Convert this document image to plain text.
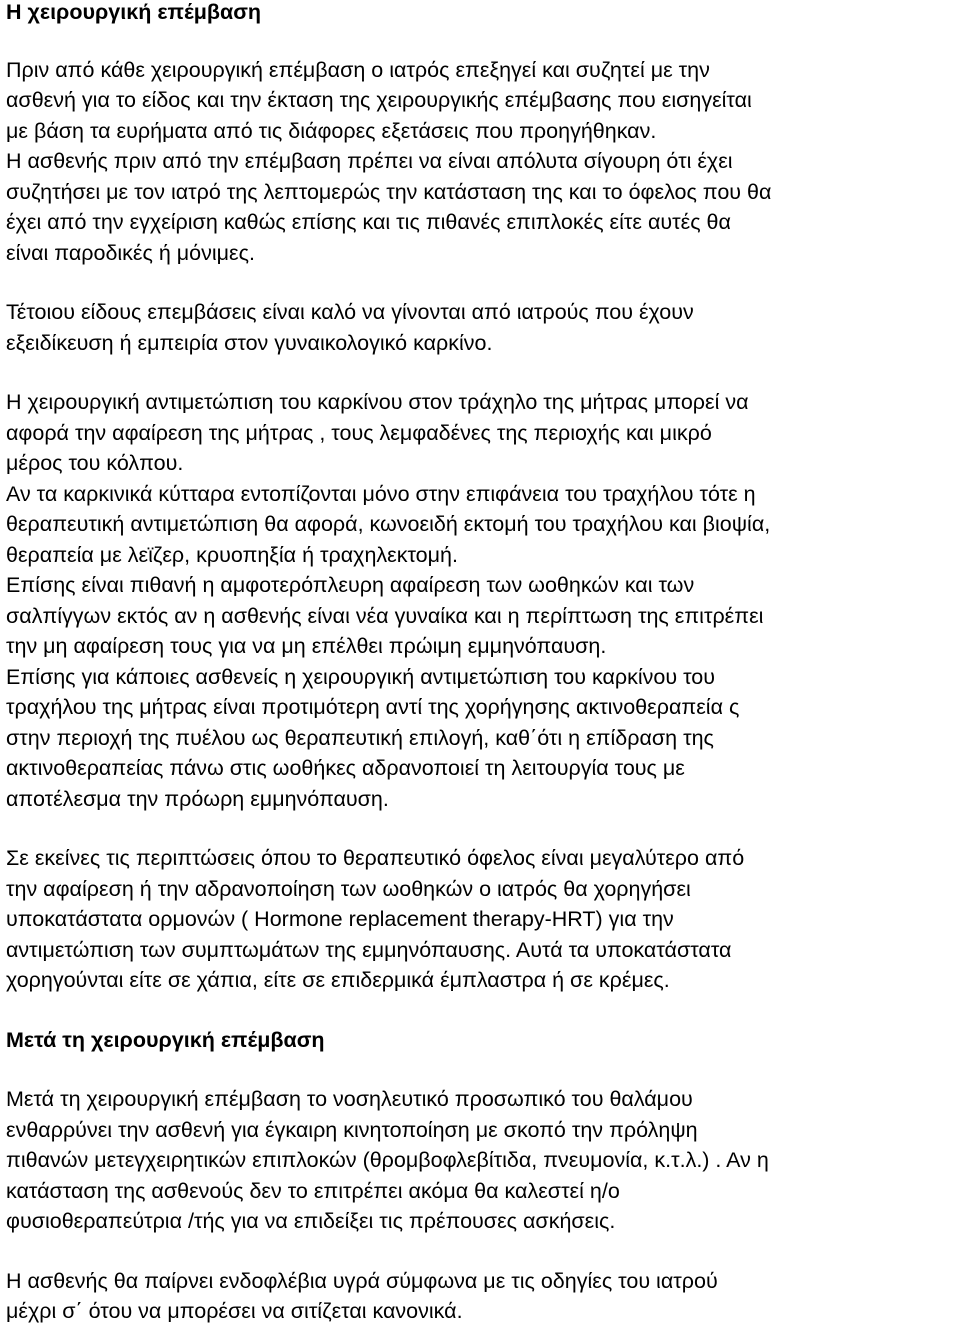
Η χειρουργική επέμβαση
Πριν από κάθε χειρουργική επέμβαση ο ιατρός επεξηγεί και συζητεί με την
ασθενή για το είδος και την έκταση της χειρουργικής επέμβασης που εισηγείται
με βάση τα ευρήματα από τις διάφορες εξετάσεις που προηγήθηκαν.
Η ασθενής πριν από την επέμβαση πρέπει να είναι απόλυτα σίγουρη ότι έχει
συζητήσει με τον ιατρό της λεπτομερώς την κατάσταση της και το όφελος που θα
έχει από την εγχείριση καθώς επίσης και τις πιθανές επιπλοκές είτε αυτές θα
είναι παροδικές ή μόνιμες.
Τέτοιου είδους επεμβάσεις είναι καλό να γίνονται από ιατρούς που έχουν
εξειδίκευση ή εμπειρία στον γυναικολογικό καρκίνο.
Η χειρουργική αντιμετώπιση του καρκίνου στον τράχηλο της μήτρας μπορεί να
αφορά την αφαίρεση της μήτρας , τους λεμφαδένες της περιοχής και μικρό
μέρος του κόλπου.
Αν τα καρκινικά κύτταρα εντοπίζονται μόνο στην επιφάνεια του τραχήλου τότε η
θεραπευτική αντιμετώπιση θα αφορά, κωνοειδή εκτομή του τραχήλου και βιοψία,
θεραπεία με λεϊζερ, κρυοπηξία ή τραχηλεκτομή.
Επίσης είναι πιθανή η αμφοτερόπλευρη αφαίρεση των ωοθηκών και των
σαλπίγγων εκτός αν η ασθενής είναι νέα γυναίκα και η περίπτωση της επιτρέπει
την μη αφαίρεση τους για να μη επέλθει πρώιμη εμμηνόπαυση.
Επίσης για κάποιες ασθενείς η χειρουργική αντιμετώπιση του καρκίνου του
τραχήλου της μήτρας είναι προτιμότερη αντί της χορήγησης ακτινοθεραπεία ς
στην περιοχή της πυέλου ως θεραπευτική επιλογή, καθ΄ότι η επίδραση της
ακτινοθεραπείας πάνω στις ωοθήκες αδρανοποιεί τη λειτουργία τους με
αποτέλεσμα την πρόωρη εμμηνόπαυση.
Σε εκείνες τις περιπτώσεις όπου το θεραπευτικό όφελος είναι μεγαλύτερο από
την αφαίρεση ή την αδρανοποίηση των ωοθηκών ο ιατρός θα χορηγήσει
υποκατάστατα ορμονών ( Hormone replacement therapy-HRT) για την
αντιμετώπιση των συμπτωμάτων της εμμηνόπαυσης. Αυτά τα υποκατάστατα
χορηγούνται είτε σε χάπια, είτε σε επιδερμικά έμπλαστρα ή σε κρέμες.
Μετά τη χειρουργική επέμβαση
Μετά τη χειρουργική επέμβαση το νοσηλευτικό προσωπικό του θαλάμου
ενθαρρύνει την ασθενή για έγκαιρη κινητοποίηση με σκοπό την πρόληψη
πιθανών μετεγχειρητικών επιπλοκών (θρομβοφλεβίτιδα, πνευμονία, κ.τ.λ.) . Αν η
κατάσταση της ασθενούς δεν το επιτρέπει ακόμα θα καλεστεί η/ο
φυσιοθεραπεύτρια /τής για να επιδείξει τις πρέπουσες ασκήσεις.
Η ασθενής θα παίρνει ενδοφλέβια υγρά σύμφωνα με τις οδηγίες του ιατρού
μέχρι σ΄ ότου να μπορέσει να σιτίζεται κανονικά.
